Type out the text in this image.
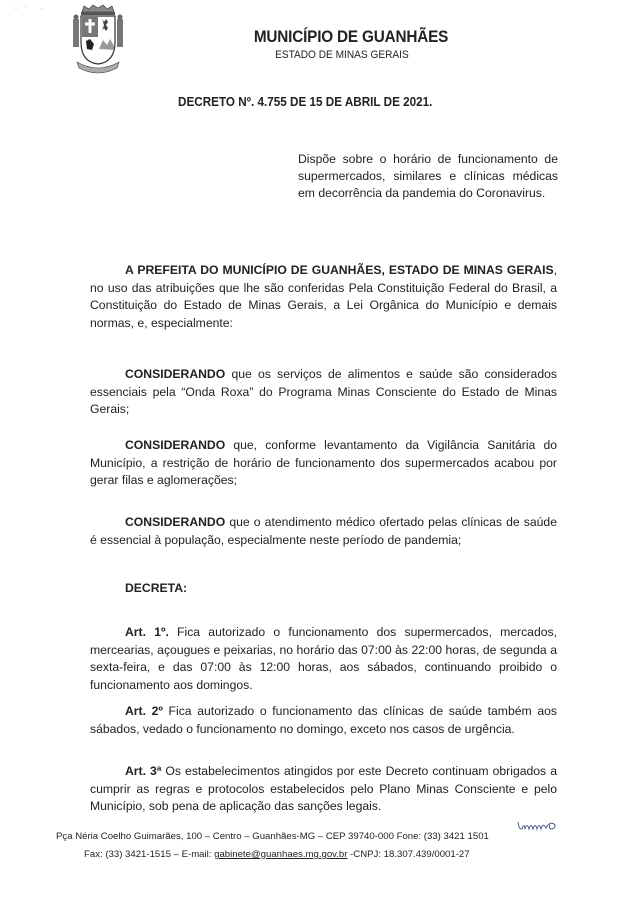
MUNICÍPIO DE GUANHÃES
ESTADO DE MINAS GERAIS
DECRETO Nº. 4.755 DE 15 DE ABRIL DE 2021.
Dispõe sobre o horário de funcionamento de supermercados, similares e clínicas médicas em decorrência da pandemia do Coronavirus.
A PREFEITA DO MUNICÍPIO DE GUANHÃES, ESTADO DE MINAS GERAIS, no uso das atribuições que lhe são conferidas Pela Constituição Federal do Brasil, a Constituição do Estado de Minas Gerais, a Lei Orgânica do Município e demais normas, e, especialmente:
CONSIDERANDO que os serviços de alimentos e saúde são considerados essenciais pela “Onda Roxa” do Programa Minas Consciente do Estado de Minas Gerais;
CONSIDERANDO que, conforme levantamento da Vigilância Sanitária do Município, a restrição de horário de funcionamento dos supermercados acabou por gerar filas e aglomerações;
CONSIDERANDO que o atendimento médico ofertado pelas clínicas de saúde é essencial à população, especialmente neste período de pandemia;
DECRETA:
Art. 1º. Fica autorizado o funcionamento dos supermercados, mercados, mercearias, açougues e peixarias, no horário das 07:00 às 22:00 horas, de segunda a sexta-feira, e das 07:00 às 12:00 horas, aos sábados, continuando proibido o funcionamento aos domingos.
Art. 2º Fica autorizado o funcionamento das clínicas de saúde também aos sábados, vedado o funcionamento no domingo, exceto nos casos de urgência.
Art. 3ª Os estabelecimentos atingidos por este Decreto continuam obrigados a cumprir as regras e protocolos estabelecidos pelo Plano Minas Consciente e pelo Município, sob pena de aplicação das sanções legais.
Pça Néria Coelho Guimarães, 100 – Centro – Guanhães-MG – CEP 39740-000 Fone: (33) 3421 1501
Fax: (33) 3421-1515 – E-mail: gabinete@guanhaes.mg.gov.br -CNPJ: 18.307.439/0001-27
